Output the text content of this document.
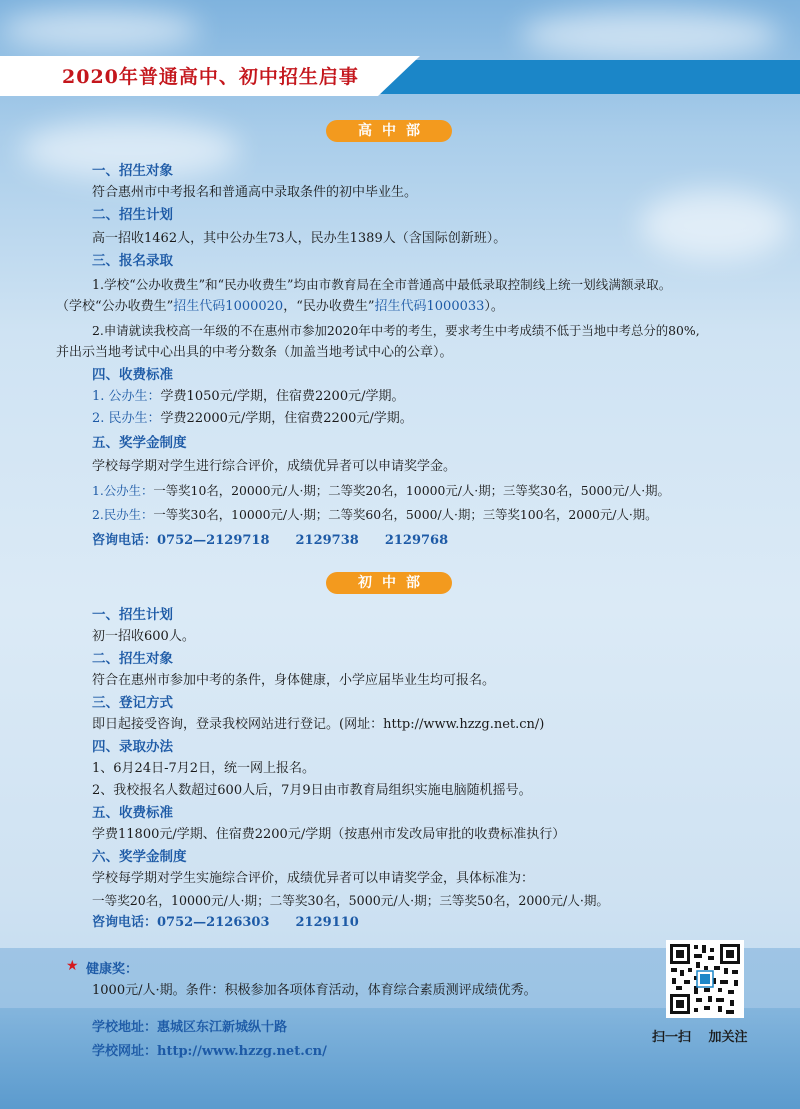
2020年普通高中、初中招生启事
高中部
一、招生对象
符合惠州市中考报名和普通高中录取条件的初中毕业生。
二、招生计划
高一招收1462人，其中公办生73人，民办生1389人（含国际创新班）。
三、报名录取
1.学校“公办收费生”和“民办收费生”均由市教育局在全市普通高中最低录取控制线上统一划线满额录取。
（学校“公办收费生”招生代码1000020，“民办收费生”招生代码1000033）。
2.申请就读我校高一年级的不在惠州市参加2020年中考的考生，要求考生中考成绩不低于当地中考总分的80%,
并出示当地考试中心出具的中考分数条（加盖当地考试中心的公章）。
四、收费标准
1. 公办生：学费1050元/学期，住宿费2200元/学期。
2. 民办生：学费22000元/学期，住宿费2200元/学期。
五、奖学金制度
学校每学期对学生进行综合评价，成绩优异者可以申请奖学金。
1.公办生：一等奖10名，20000元/人·期；二等奖20名，10000元/人·期；三等奖30名，5000元/人·期。
2.民办生：一等奖30名，10000元/人·期；二等奖60名，5000/人·期；三等奖100名，2000元/人·期。
咨询电话：0752—2129718　　2129738　　2129768
初中部
一、招生计划
初一招收600人。
二、招生对象
符合在惠州市参加中考的条件，身体健康，小学应届毕业生均可报名。
三、登记方式
即日起接受咨询，登录我校网站进行登记。(网址：http://www.hzzg.net.cn/)
四、录取办法
1、6月24日-7月2日，统一网上报名。
2、我校报名人数超过600人后，7月9日由市教育局组织实施电脑随机摇号。
五、收费标准
学费11800元/学期、住宿费2200元/学期（按惠州市发改局审批的收费标准执行）
六、奖学金制度
学校每学期对学生实施综合评价，成绩优异者可以申请奖学金，具体标准为：
一等奖20名，10000元/人·期；二等奖30名，5000元/人·期；三等奖50名，2000元/人·期。
咨询电话：0752—2126303　　2129110
★ 健康奖：
1000元/人·期。条件：积极参加各项体育活动，体育综合素质测评成绩优秀。
学校地址：惠城区东江新城纵十路
学校网址：http://www.hzzg.net.cn/
扫一扫　 加关注
